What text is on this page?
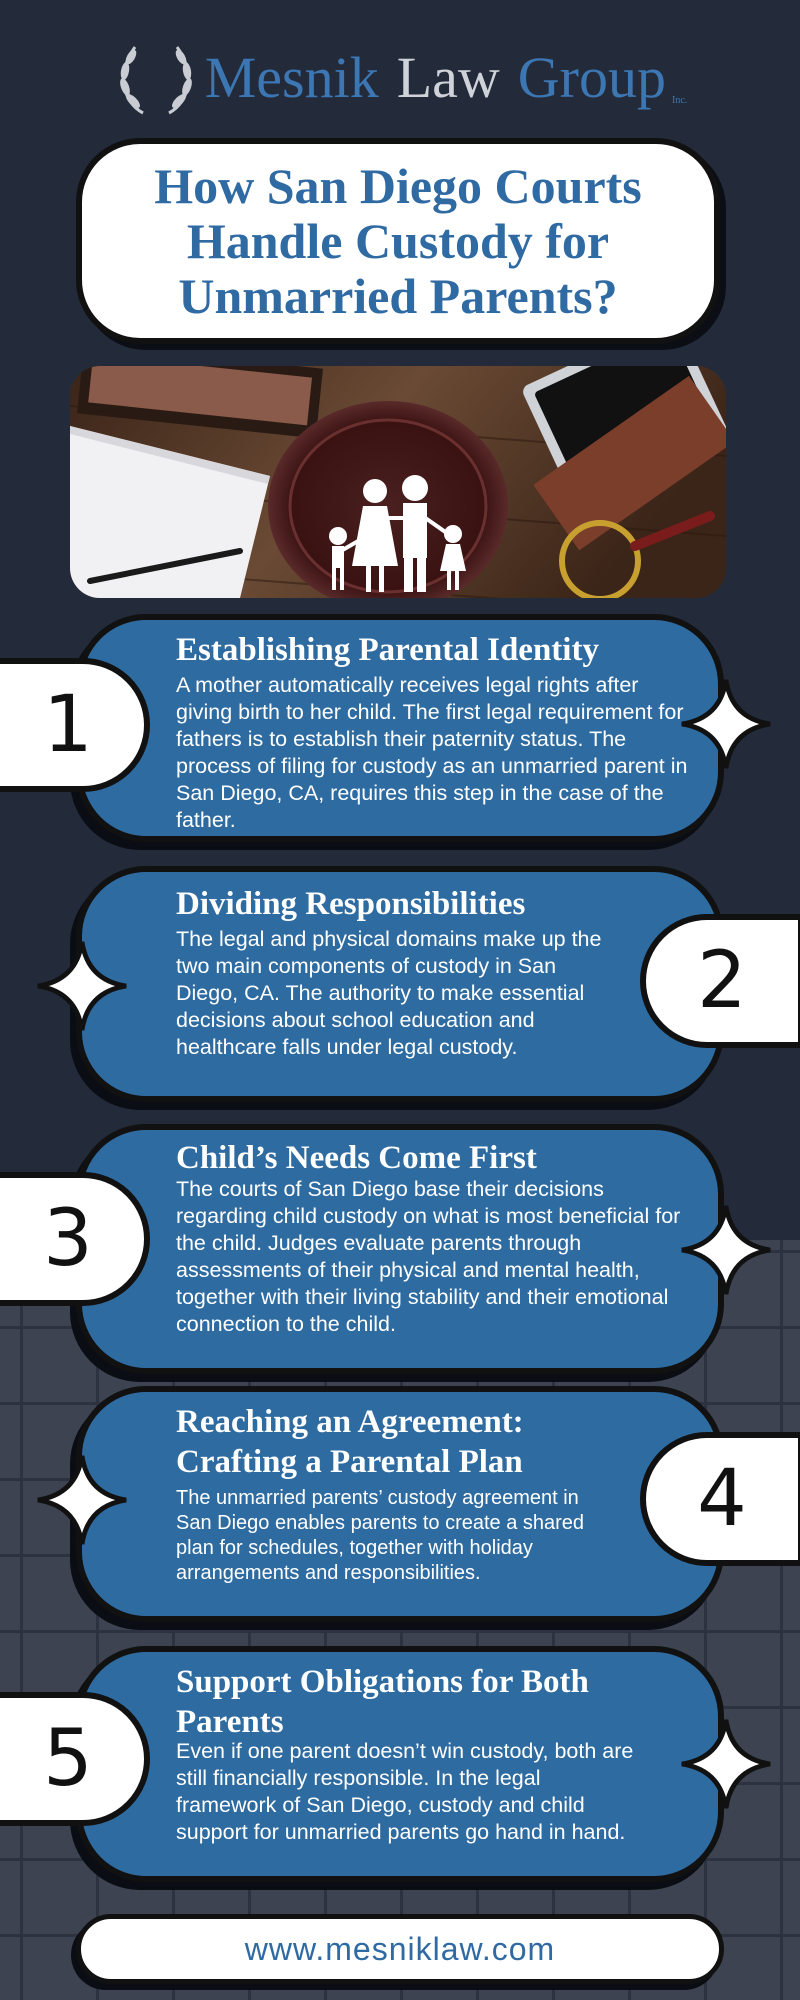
Mesnik Law Group Inc.
How San Diego Courts Handle Custody for Unmarried Parents?
Establishing Parental Identity

A mother automatically receives legal rights after giving birth to her child. The first legal requirement for fathers is to establish their paternity status. The process of filing for custody as an unmarried parent in San Diego, CA, requires this step in the case of the father.

1
Dividing Responsibilities

The legal and physical domains make up the two main components of custody in San Diego, CA. The authority to make essential decisions about school education and healthcare falls under legal custody.

2
Child’s Needs Come First

The courts of San Diego base their decisions regarding child custody on what is most beneficial for the child. Judges evaluate parents through assessments of their physical and mental health, together with their living stability and their emotional connection to the child.

3
Reaching an Agreement: Crafting a Parental Plan

The unmarried parents’ custody agreement in San Diego enables parents to create a shared plan for schedules, together with holiday arrangements and responsibilities.

4
Support Obligations for Both Parents

Even if one parent doesn’t win custody, both are still financially responsible. In the legal framework of San Diego, custody and child support for unmarried parents go hand in hand.

5
www.mesniklaw.com
